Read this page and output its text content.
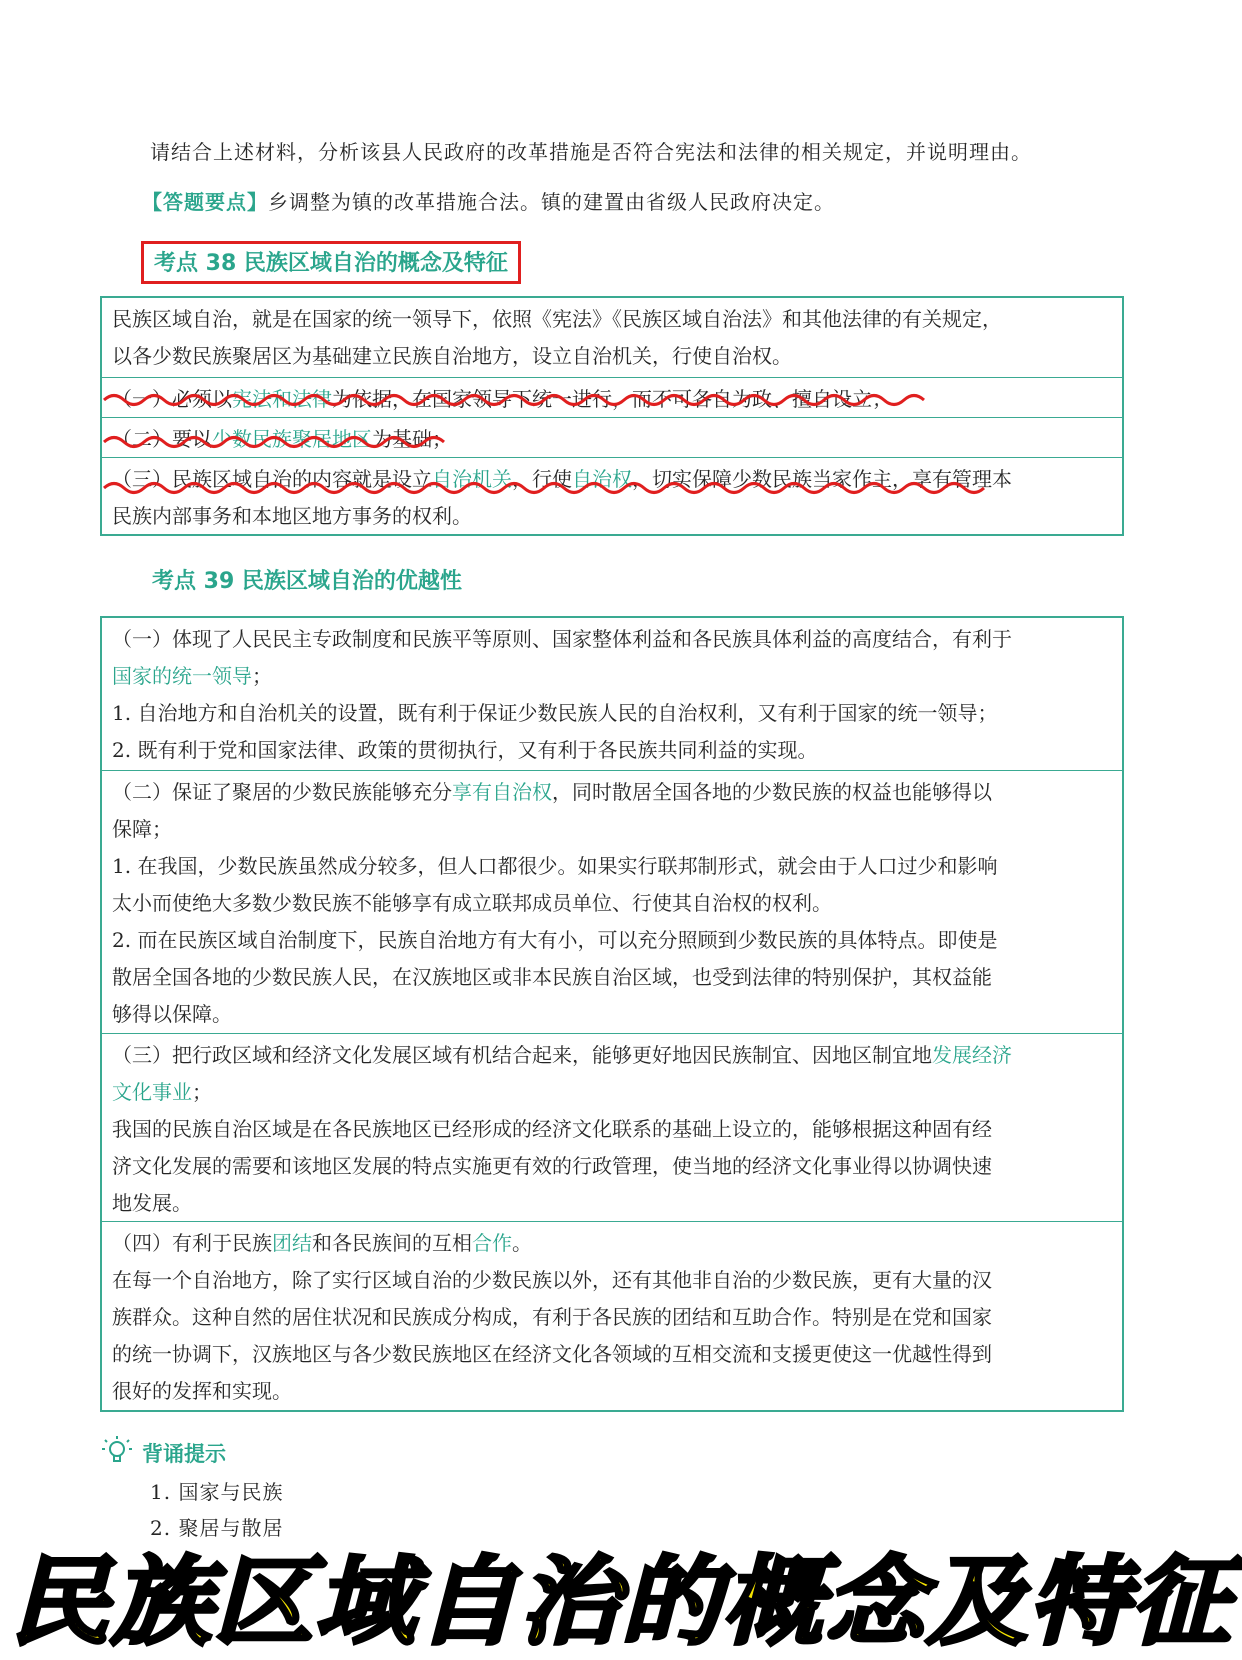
请结合上述材料，分析该县人民政府的改革措施是否符合宪法和法律的相关规定，并说明理由。
【答题要点】乡调整为镇的改革措施合法。镇的建置由省级人民政府决定。
考点 38 民族区域自治的概念及特征

民族区域自治，就是在国家的统一领导下，依照《宪法》《民族区域自治法》和其他法律的有关规定，

以各少数民族聚居区为基础建立民族自治地方，设立自治机关，行使自治权。

（一）必须以宪法和法律为依据，在国家领导下统一进行，而不可各自为政、擅自设立；

（二）要以少数民族聚居地区为基础；

（三）民族区域自治的内容就是设立自治机关，行使自治权，切实保障少数民族当家作主，享有管理本

民族内部事务和本地区地方事务的权利。

考点 39 民族区域自治的优越性

（一）体现了人民民主专政制度和民族平等原则、国家整体利益和各民族具体利益的高度结合，有利于

国家的统一领导；

1. 自治地方和自治机关的设置，既有利于保证少数民族人民的自治权利，又有利于国家的统一领导；

2. 既有利于党和国家法律、政策的贯彻执行，又有利于各民族共同利益的实现。

（二）保证了聚居的少数民族能够充分享有自治权，同时散居全国各地的少数民族的权益也能够得以

保障；

1. 在我国，少数民族虽然成分较多，但人口都很少。如果实行联邦制形式，就会由于人口过少和影响

太小而使绝大多数少数民族不能够享有成立联邦成员单位、行使其自治权的权利。

2. 而在民族区域自治制度下，民族自治地方有大有小，可以充分照顾到少数民族的具体特点。即使是

散居全国各地的少数民族人民，在汉族地区或非本民族自治区域，也受到法律的特别保护，其权益能

够得以保障。

（三）把行政区域和经济文化发展区域有机结合起来，能够更好地因民族制宜、因地区制宜地发展经济

文化事业；

我国的民族自治区域是在各民族地区已经形成的经济文化联系的基础上设立的，能够根据这种固有经

济文化发展的需要和该地区发展的特点实施更有效的行政管理，使当地的经济文化事业得以协调快速

地发展。

（四）有利于民族团结和各民族间的互相合作。

在每一个自治地方，除了实行区域自治的少数民族以外，还有其他非自治的少数民族，更有大量的汉

族群众。这种自然的居住状况和民族成分构成，有利于各民族的团结和互助合作。特别是在党和国家

的统一协调下，汉族地区与各少数民族地区在经济文化各领域的互相交流和支援更使这一优越性得到

很好的发挥和实现。

背诵提示
1. 国家与民族
2. 聚居与散居
民族区域自治的概念及特征
